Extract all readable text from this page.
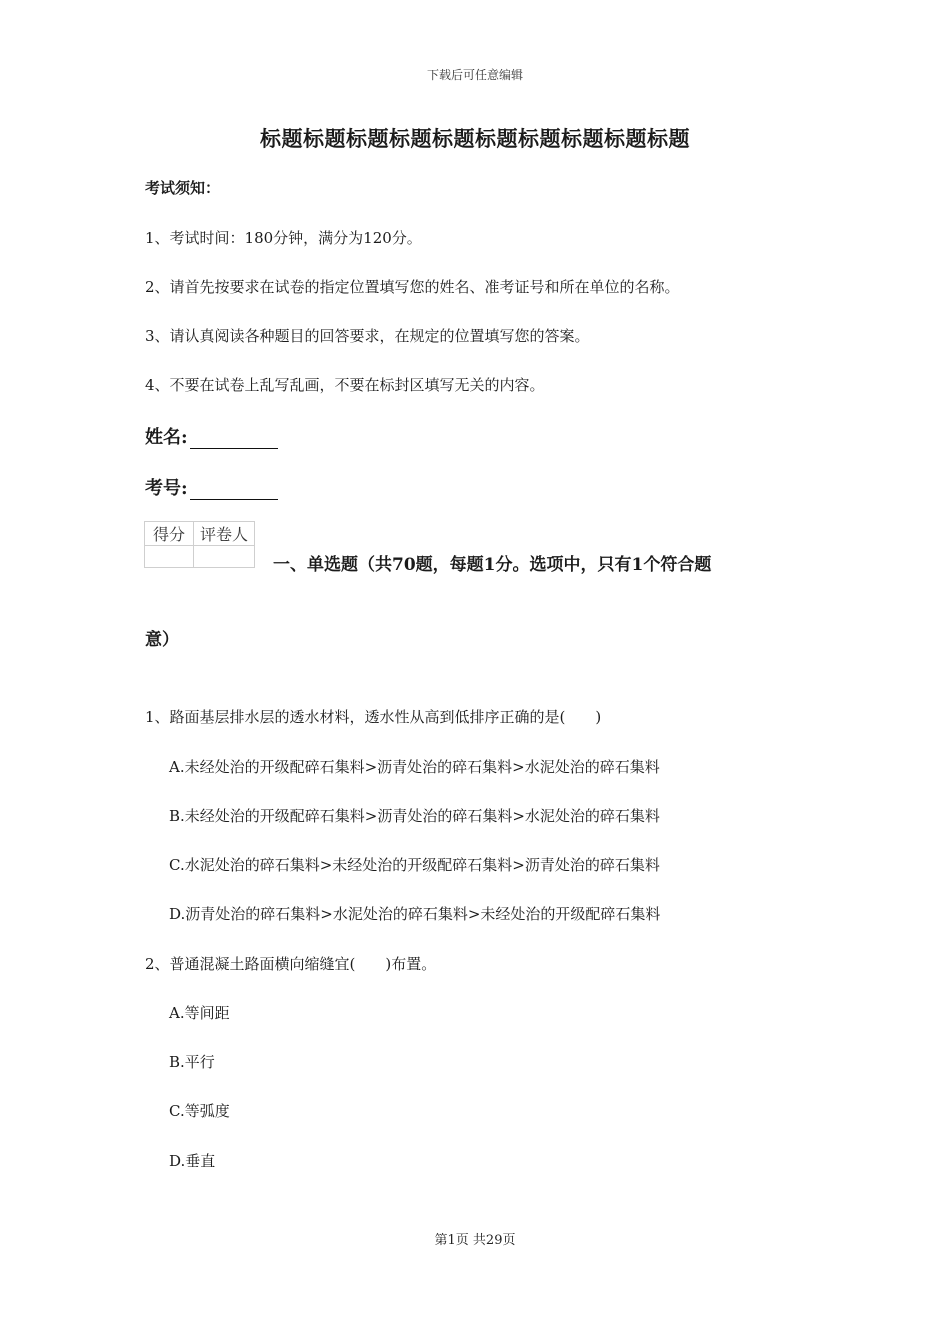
下载后可任意编辑
标题标题标题标题标题标题标题标题标题标题
考试须知：
1、考试时间：180分钟，满分为120分。
2、请首先按要求在试卷的指定位置填写您的姓名、准考证号和所在单位的名称。
3、请认真阅读各种题目的回答要求，在规定的位置填写您的答案。
4、不要在试卷上乱写乱画，不要在标封区填写无关的内容。
姓名:
考号:
得分	评卷人

一、单选题（共70题，每题1分。选项中，只有1个符合题
意）
1、路面基层排水层的透水材料，透水性从高到低排序正确的是(　　)
A.未经处治的开级配碎石集料>沥青处治的碎石集料>水泥处治的碎石集料
B.未经处治的开级配碎石集料>沥青处治的碎石集料>水泥处治的碎石集料
C.水泥处治的碎石集料>未经处治的开级配碎石集料>沥青处治的碎石集料
D.沥青处治的碎石集料>水泥处治的碎石集料>未经处治的开级配碎石集料
2、普通混凝土路面横向缩缝宜(　　)布置。
A.等间距
B.平行
C.等弧度
D.垂直
第1页 共29页
